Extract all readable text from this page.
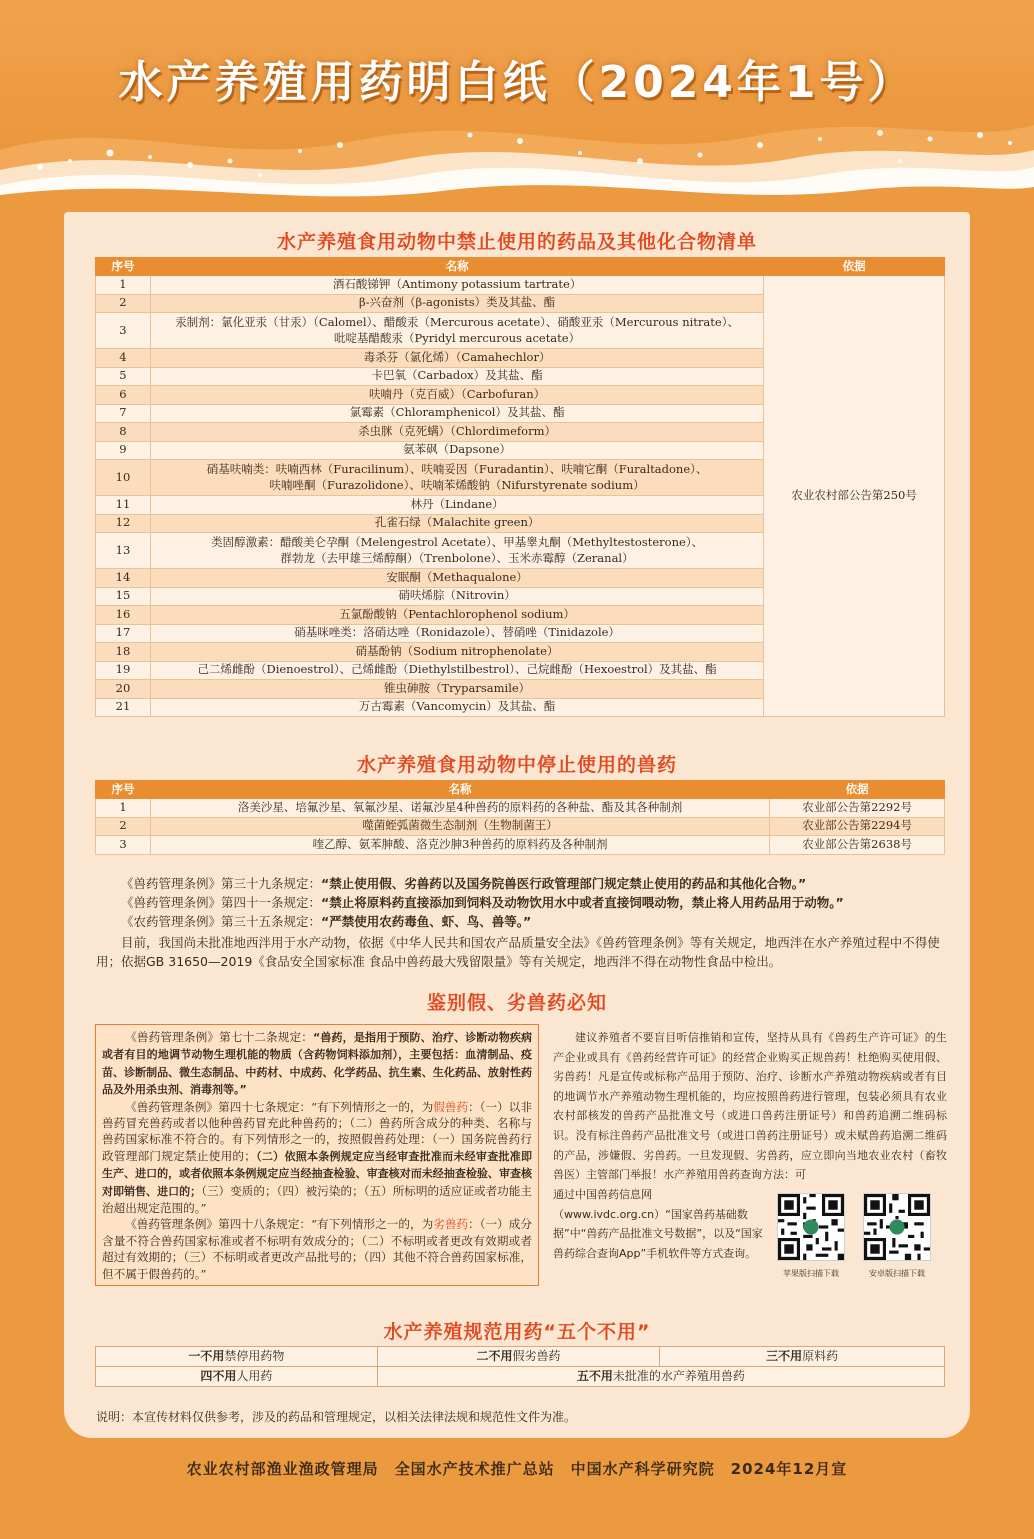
水产养殖用药明白纸（2024年1号）
水产养殖食用动物中禁止使用的药品及其他化合物清单
序号	名称	依据
1	酒石酸锑钾（Antimony potassium tartrate）	农业农村部公告第250号
2	β-兴奋剂（β-agonists）类及其盐、酯	

3	汞制剂：氯化亚汞（甘汞）（Calomel）、醋酸汞（Mercurous acetate）、硝酸亚汞（Mercurous nitrate）、
吡啶基醋酸汞（Pyridyl mercurous acetate）	

4	毒杀芬（氯化烯）（Camahechlor）	

5	卡巴氧（Carbadox）及其盐、酯	

6	呋喃丹（克百威）（Carbofuran）	

7	氯霉素（Chloramphenicol）及其盐、酯	

8	杀虫脒（克死螨）（Chlordimeform）	

9	氨苯砜（Dapsone）	

10	硝基呋喃类：呋喃西林（Furacilinum）、呋喃妥因（Furadantin）、呋喃它酮（Furaltadone）、
呋喃唑酮（Furazolidone）、呋喃苯烯酸钠（Nifurstyrenate sodium）	

11	林丹（Lindane）	

12	孔雀石绿（Malachite green）	

13	类固醇激素：醋酸美仑孕酮（Melengestrol Acetate）、甲基睾丸酮（Methyltestosterone）、
群勃龙（去甲雄三烯醇酮）（Trenbolone）、玉米赤霉醇（Zeranal）	

14	安眠酮（Methaqualone）	

15	硝呋烯腙（Nitrovin）	

16	五氯酚酸钠（Pentachlorophenol sodium）	

17	硝基咪唑类：洛硝达唑（Ronidazole）、替硝唑（Tinidazole）	

18	硝基酚钠（Sodium nitrophenolate）	

19	己二烯雌酚（Dienoestrol）、己烯雌酚（Diethylstilbestrol）、己烷雌酚（Hexoestrol）及其盐、酯	

20	锥虫砷胺（Tryparsamile）	

21	万古霉素（Vancomycin）及其盐、酯	
水产养殖食用动物中停止使用的兽药
序号	名称	依据
1	洛美沙星、培氟沙星、氧氟沙星、诺氟沙星4种兽药的原料药的各种盐、酯及其各种制剂	农业部公告第2292号
2	噬菌蛭弧菌微生态制剂（生物制菌王）	农业部公告第2294号
3	喹乙醇、氨苯胂酸、洛克沙胂3种兽药的原料药及各种制剂	农业部公告第2638号
《兽药管理条例》第三十九条规定：“禁止使用假、劣兽药以及国务院兽医行政管理部门规定禁止使用的药品和其他化合物。”
《兽药管理条例》第四十一条规定：“禁止将原料药直接添加到饲料及动物饮用水中或者直接饲喂动物，禁止将人用药品用于动物。”
《农药管理条例》第三十五条规定：“严禁使用农药毒鱼、虾、鸟、兽等。”
目前，我国尚未批准地西泮用于水产动物，依据《中华人民共和国农产品质量安全法》《兽药管理条例》等有关规定，地西泮在水产养殖过程中不得使用；依据GB 31650—2019《食品安全国家标准 食品中兽药最大残留限量》等有关规定，地西泮不得在动物性食品中检出。
鉴别假、劣兽药必知

《兽药管理条例》第七十二条规定：“兽药，是指用于预防、治疗、诊断动物疾病或者有目的地调节动物生理机能的物质（含药物饲料添加剂），主要包括：血清制品、疫苗、诊断制品、微生态制品、中药材、中成药、化学药品、抗生素、生化药品、放射性药品及外用杀虫剂、消毒剂等。”

《兽药管理条例》第四十七条规定：“有下列情形之一的，为假兽药：（一）以非兽药冒充兽药或者以他种兽药冒充此种兽药的；（二）兽药所含成分的种类、名称与兽药国家标准不符合的。有下列情形之一的，按照假兽药处理：（一）国务院兽药行政管理部门规定禁止使用的；（二）依照本条例规定应当经审查批准而未经审查批准即生产、进口的，或者依照本条例规定应当经抽查检验、审查核对而未经抽查检验、审查核对即销售、进口的；（三）变质的；（四）被污染的；（五）所标明的适应证或者功能主治超出规定范围的。”

《兽药管理条例》第四十八条规定：“有下列情形之一的，为劣兽药：（一）成分含量不符合兽药国家标准或者不标明有效成分的；（二）不标明或者更改有效期或者超过有效期的；（三）不标明或者更改产品批号的；（四）其他不符合兽药国家标准，但不属于假兽药的。”

建议养殖者不要盲目听信推销和宣传，坚持从具有《兽药生产许可证》的生产企业或具有《兽药经营许可证》的经营企业购买正规兽药！杜绝购买使用假、劣兽药！凡是宣传或标称产品用于预防、治疗、诊断水产养殖动物疾病或者有目的地调节水产养殖动物生理机能的，均应按照兽药进行管理，包装必须具有农业农村部核发的兽药产品批准文号（或进口兽药注册证号）和兽药追溯二维码标识。没有标注兽药产品批准文号（或进口兽药注册证号）或未赋兽药追溯二维码的产品，涉嫌假、劣兽药。一旦发现假、劣兽药，应立即向当地农业农村（畜牧兽医）主管部门举报！水产养殖用兽药查询方法：可
通过中国兽药信息网（www.ivdc.org.cn）“国家兽药基础数据”中“兽药产品批准文号数据”，以及“国家兽药综合查询App”手机软件等方式查询。
苹果版扫描下载	安卓版扫描下载
水产养殖规范用药“五个不用”
一不用禁停用药物	二不用假劣兽药	三不用原料药
四不用人用药	五不用未批准的水产养殖用兽药	
说明：本宣传材料仅供参考，涉及的药品和管理规定，以相关法律法规和规范性文件为准。
农业农村部渔业渔政管理局　全国水产技术推广总站　中国水产科学研究院　2024年12月宣
